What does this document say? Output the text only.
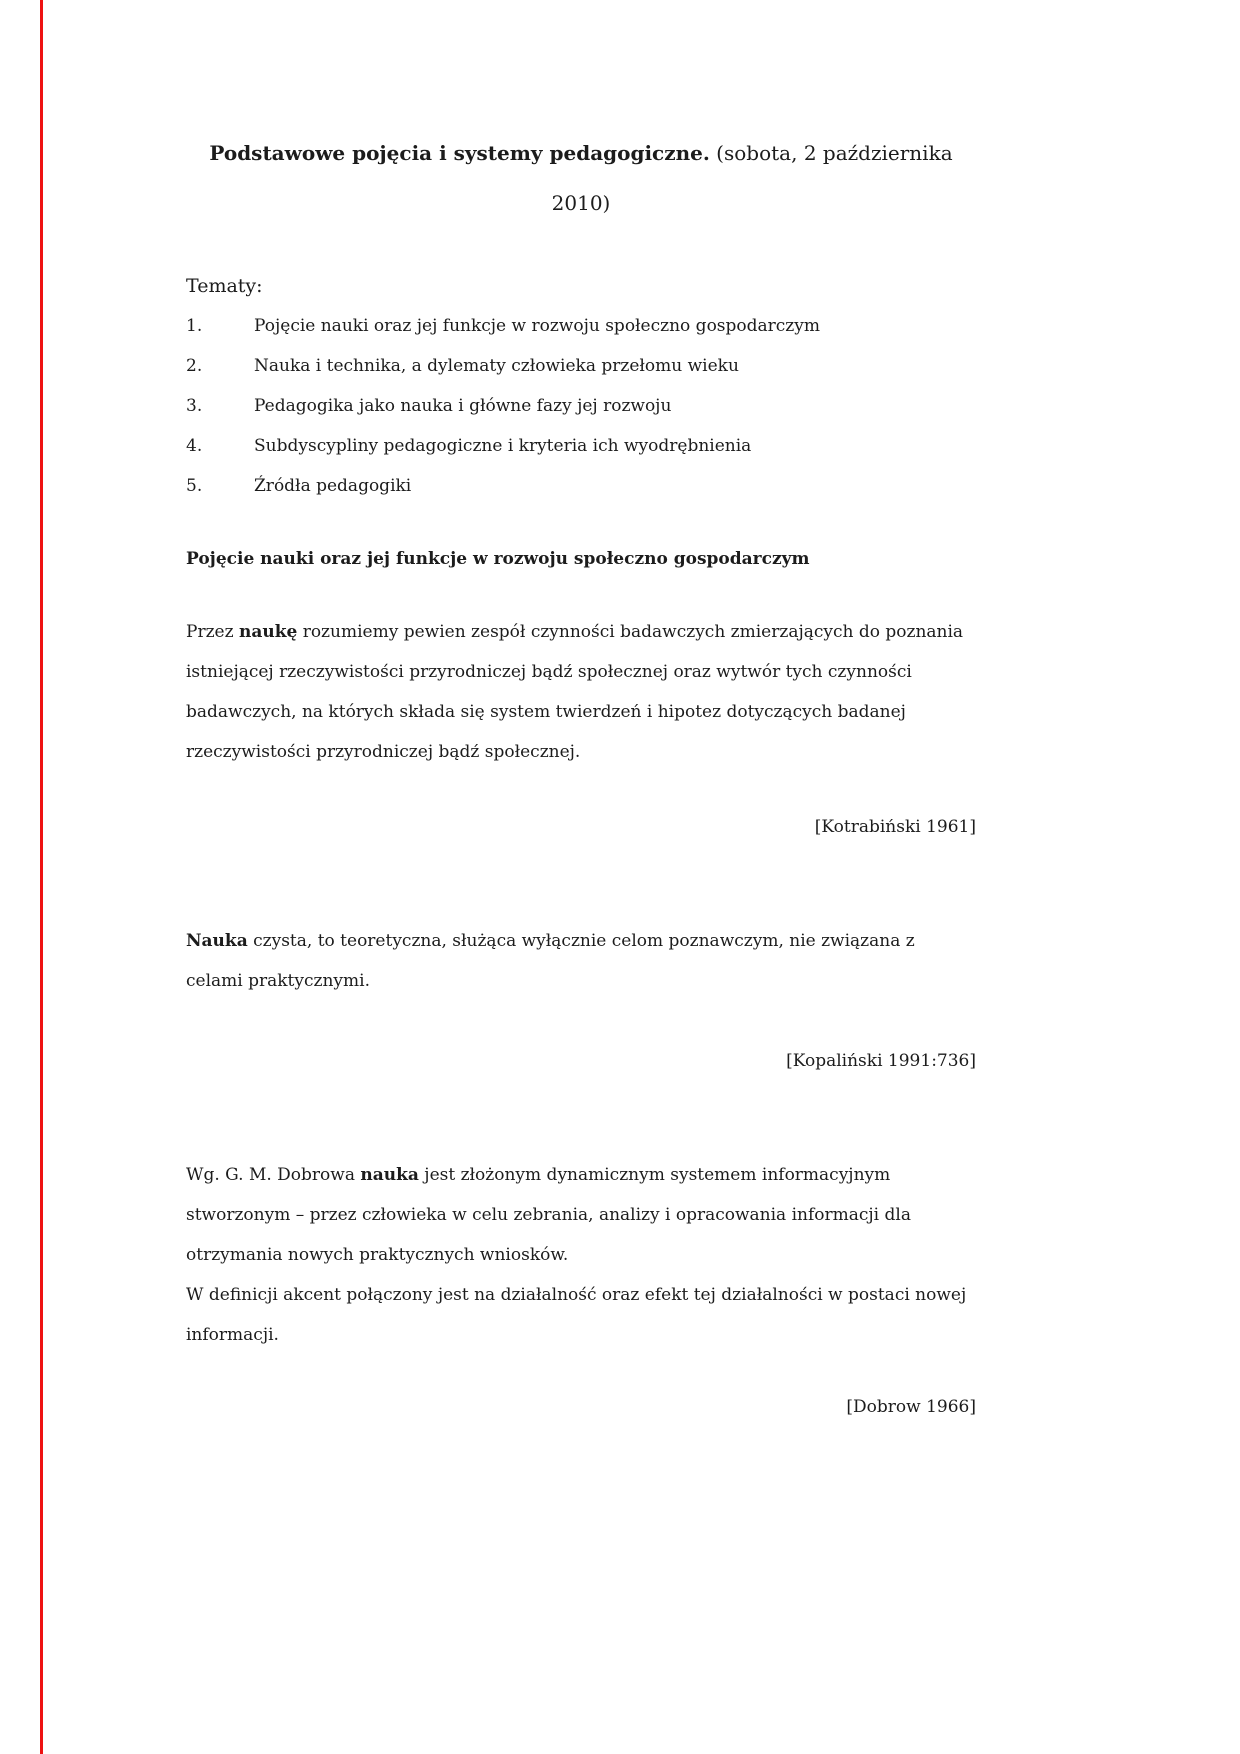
Podstawowe pojęcia i systemy pedagogiczne. (sobota, 2 października 2010)

Tematy:

1.	Pojęcie nauki oraz jej funkcje w rozwoju społeczno gospodarczym
2.	Nauka i technika, a dylematy człowieka przełomu wieku
3.	Pedagogika jako nauka i główne fazy jej rozwoju
4.	Subdyscypliny pedagogiczne i kryteria ich wyodrębnienia
5.	Źródła pedagogiki

Pojęcie nauki oraz jej funkcje w rozwoju społeczno gospodarczym

Przez naukę rozumiemy pewien zespół czynności badawczych zmierzających do poznania istniejącej rzeczywistości przyrodniczej bądź społecznej oraz wytwór tych czynności badawczych, na których składa się system twierdzeń i hipotez dotyczących badanej rzeczywistości przyrodniczej bądź społecznej.

[Kotrabiński 1961]

Nauka czysta, to teoretyczna, służąca wyłącznie celom poznawczym, nie związana z celami praktycznymi.

[Kopaliński 1991:736]

Wg. G. M. Dobrowa nauka jest złożonym dynamicznym systemem informacyjnym stworzonym – przez człowieka w celu zebrania, analizy i opracowania informacji dla otrzymania nowych praktycznych wniosków.

W definicji akcent połączony jest na działalność oraz efekt tej działalności w postaci nowej informacji.

[Dobrow 1966]
